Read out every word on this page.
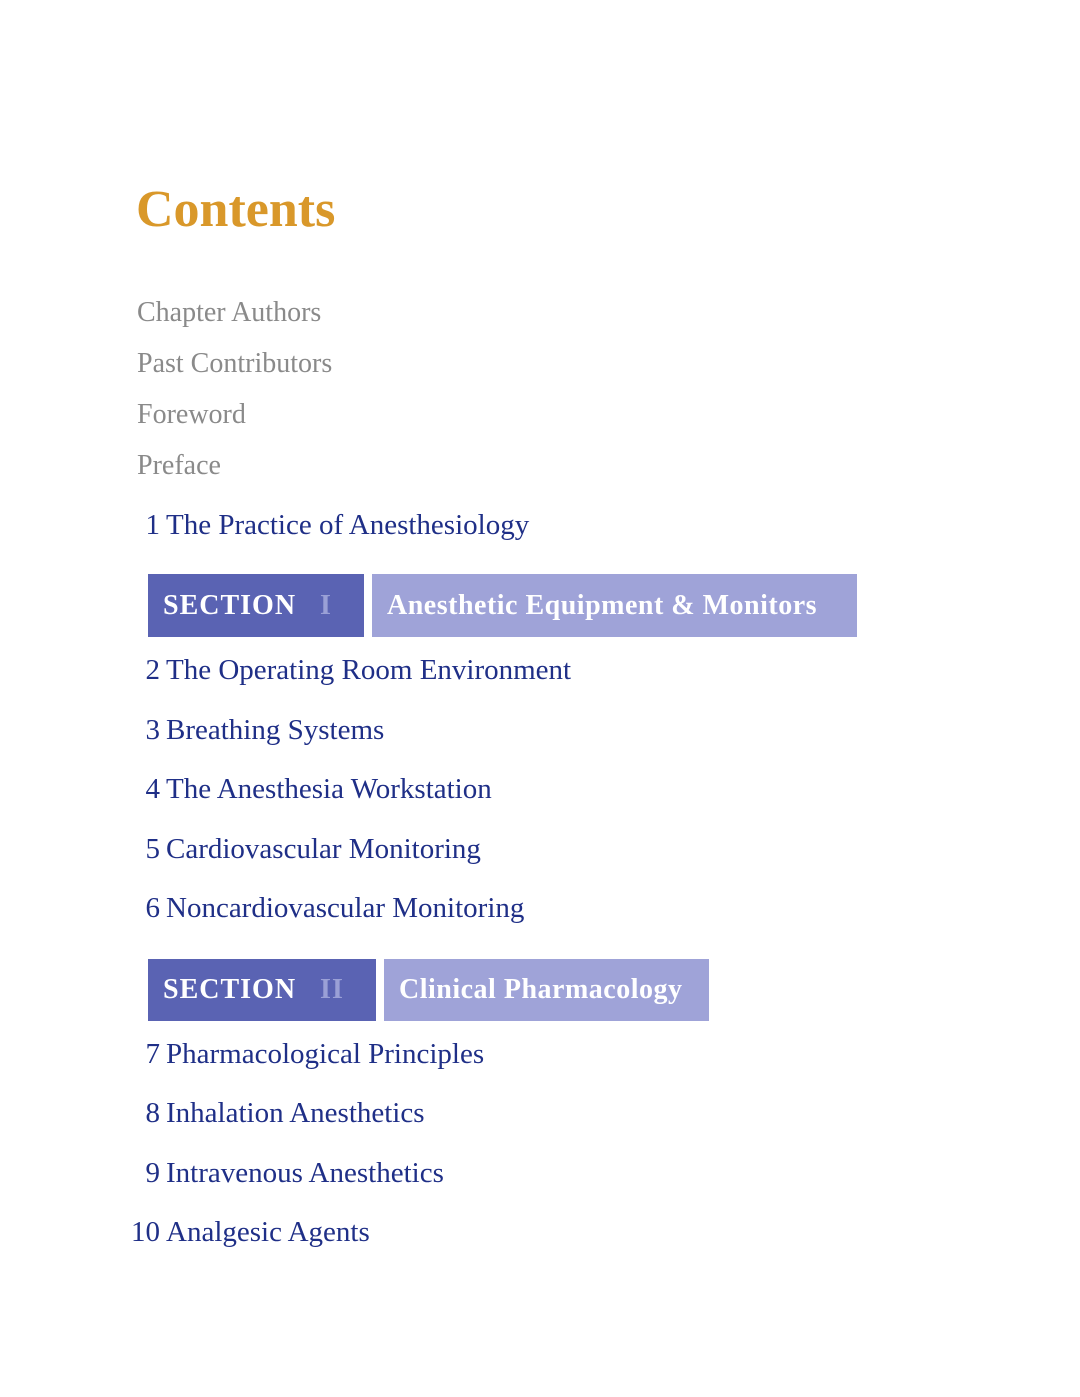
Contents
Chapter Authors
Past Contributors
Foreword
Preface
1 The Practice of Anesthesiology
SECTION I	Anesthetic Equipment & Monitors
2 The Operating Room Environment
3 Breathing Systems
4 The Anesthesia Workstation
5 Cardiovascular Monitoring
6 Noncardiovascular Monitoring
SECTION II	Clinical Pharmacology
7 Pharmacological Principles
8 Inhalation Anesthetics
9 Intravenous Anesthetics
10 Analgesic Agents
